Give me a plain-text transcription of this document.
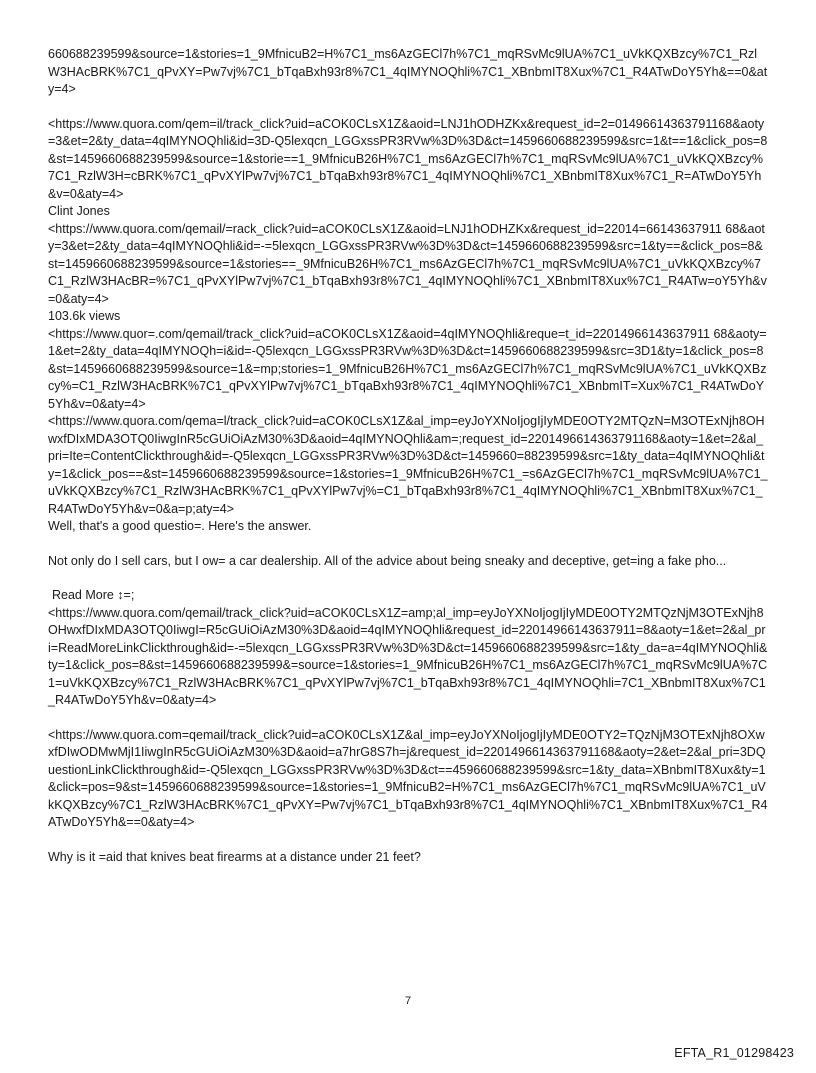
660688239599&source=1&stories=1_9MfnicuB2=H%7C1_ms6AzGECl7h%7C1_mqRSvMc9lUA%7C1_uVkKQXBzcy%7C1_RzlW3HAcBRK%7C1_qPvXY=Pw7vj%7C1_bTqaBxh93r8%7C1_4qIMYNOQhli%7C1_XBnbmIT8Xux%7C1_R4ATwDoY5Yh&==0&aty=4>

<https://www.quora.com/qem=il/track_click?uid=aCOK0CLsX1Z&aoid=LNJ1hODHZKx&request_id=2=01496614363791168&aoty=3&et=2&ty_data=4qIMYNOQhli&id=3D-Q5lexqcn_LGGxssPR3RVw%3D%3D&ct=1459660688239599&src=1&t==1&click_pos=8&st=1459660688239599&source=1&storie==1_9MfnicuB26H%7C1_ms6AzGECl7h%7C1_mqRSvMc9lUA%7C1_uVkKQXBzcy%7C1_RzlW3H=cBRK%7C1_qPvXYlPw7vj%7C1_bTqaBxh93r8%7C1_4qIMYNOQhli%7C1_XBnbmIT8Xux%7C1_R=ATwDoY5Yh&v=0&aty=4>

Clint Jones

<https://www.quora.com/qemail/=rack_click?uid=aCOK0CLsX1Z&aoid=LNJ1hODHZKx&request_id=22014=66143637911 68&aoty=3&et=2&ty_data=4qIMYNOQhli&id=-=5lexqcn_LGGxssPR3RVw%3D%3D&ct=1459660688239599&src=1&ty==&click_pos=8&st=1459660688239599&source=1&stories==_9MfnicuB26H%7C1_ms6AzGECl7h%7C1_mqRSvMc9lUA%7C1_uVkKQXBzcy%7C1_RzlW3HAcBR=%7C1_qPvXYlPw7vj%7C1_bTqaBxh93r8%7C1_4qIMYNOQhli%7C1_XBnbmIT8Xux%7C1_R4ATw=oY5Yh&v=0&aty=4>

103.6k views

<https://www.quor=.com/qemail/track_click?uid=aCOK0CLsX1Z&aoid=4qIMYNOQhli&reque=t_id=22014966143637911 68&aoty=1&et=2&ty_data=4qIMYNOQh=i&id=-Q5lexqcn_LGGxssPR3RVw%3D%3D&ct=1459660688239599&src=3D1&ty=1&click_pos=8&st=1459660688239599&source=1&=mp;stories=1_9MfnicuB26H%7C1_ms6AzGECl7h%7C1_mqRSvMc9lUA%7C1_uVkKQXBzcy%=C1_RzlW3HAcBRK%7C1_qPvXYlPw7vj%7C1_bTqaBxh93r8%7C1_4qIMYNOQhli%7C1_XBnbmIT=Xux%7C1_R4ATwDoY5Yh&v=0&aty=4>

<https://www.quora.com/qema=l/track_click?uid=aCOK0CLsX1Z&al_imp=eyJoYXNoIjogIjIyMDE0OTY2MTQzN=M3OTExNjh8OHwxfDIxMDA3OTQ0IiwgInR5cGUiOiAzM30%3D&aoid=4qIMYNOQhli&am=;request_id=2201496614363791168&aoty=1&et=2&al_pri=Ite=ContentClickthrough&id=-Q5lexqcn_LGGxssPR3RVw%3D%3D&ct=1459660=88239599&src=1&ty_data=4qIMYNOQhli&ty=1&click_pos==&st=1459660688239599&source=1&stories=1_9MfnicuB26H%7C1_=s6AzGECl7h%7C1_mqRSvMc9lUA%7C1_uVkKQXBzcy%7C1_RzlW3HAcBRK%7C1_qPvXYlPw7vj%=C1_bTqaBxh93r8%7C1_4qIMYNOQhli%7C1_XBnbmIT8Xux%7C1_R4ATwDoY5Yh&v=0&a=p;aty=4>

Well, that's a good questio=. Here's the answer.

Not only do I sell cars, but I ow= a car dealership. All of the advice about being sneaky and deceptive, get=ing a fake pho...

Read More ↕=;

<https://www.quora.com/qemail/track_click?uid=aCOK0CLsX1Z=amp;al_imp=eyJoYXNoIjogIjIyMDE0OTY2MTQzNjM3OTExNjh8OHwxfDIxMDA3OTQ0IiwgI=R5cGUiOiAzM30%3D&aoid=4qIMYNOQhli&request_id=22014966143637911=8&aoty=1&et=2&al_pri=ReadMoreLinkClickthrough&id=-=5lexqcn_LGGxssPR3RVw%3D%3D&ct=1459660688239599&src=1&ty_da=a=4qIMYNOQhli&ty=1&click_pos=8&st=1459660688239599&=source=1&stories=1_9MfnicuB26H%7C1_ms6AzGECl7h%7C1_mqRSvMc9lUA%7C1=uVkKQXBzcy%7C1_RzlW3HAcBRK%7C1_qPvXYlPw7vj%7C1_bTqaBxh93r8%7C1_4qIMYNOQhli=7C1_XBnbmIT8Xux%7C1_R4ATwDoY5Yh&v=0&aty=4>

<https://www.quora.com=qemail/track_click?uid=aCOK0CLsX1Z&al_imp=eyJoYXNoIjogIjIyMDE0OTY2=TQzNjM3OTExNjh8OXwxfDIwODMwMjI1IiwgInR5cGUiOiAzM30%3D&aoid=a7hrG8S7h=j&request_id=2201496614363791168&aoty=2&et=2&al_pri=3DQuestionLinkClickthrough&id=-Q5lexqcn_LGGxssPR3RVw%3D%3D&ct==459660688239599&src=1&ty_data=XBnbmIT8Xux&ty=1&click=pos=9&st=1459660688239599&source=1&stories=1_9MfnicuB2=H%7C1_ms6AzGECl7h%7C1_mqRSvMc9lUA%7C1_uVkKQXBzcy%7C1_RzlW3HAcBRK%7C1_qPvXY=Pw7vj%7C1_bTqaBxh93r8%7C1_4qIMYNOQhli%7C1_XBnbmIT8Xux%7C1_R4ATwDoY5Yh&==0&aty=4>

Why is it =aid that knives beat firearms at a distance under 21 feet?

7
EFTA_R1_01298423
